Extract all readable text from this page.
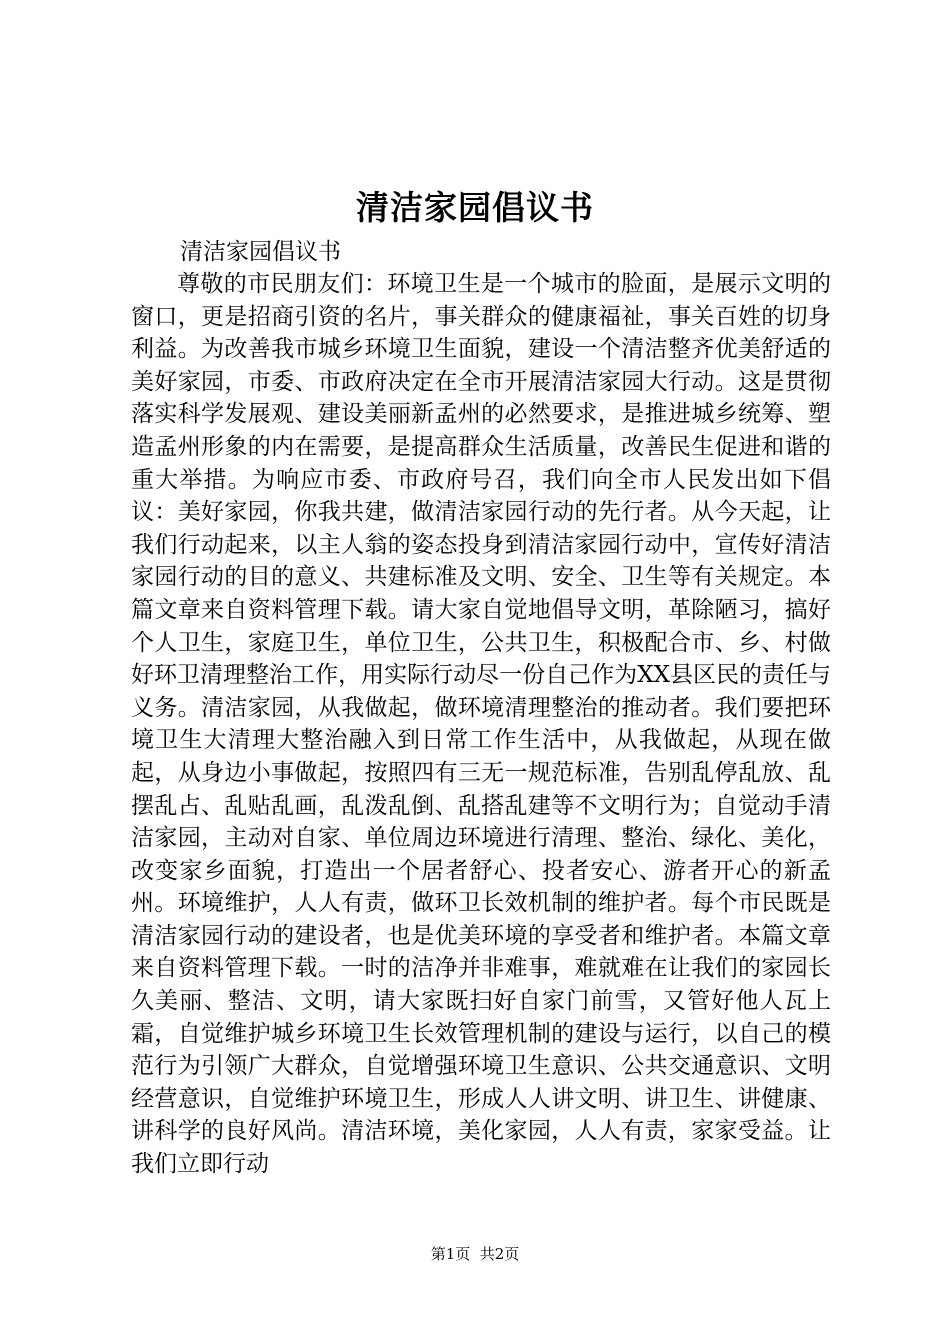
清洁家园倡议书
清洁家园倡议书

尊敬的市民朋友们：环境卫生是一个城市的脸面，是展示文明的窗口，更是招商引资的名片，事关群众的健康福祉，事关百姓的切身利益。为改善我市城乡环境卫生面貌，建设一个清洁整齐优美舒适的美好家园，市委、市政府决定在全市开展清洁家园大行动。这是贯彻落实科学发展观、建设美丽新孟州的必然要求，是推进城乡统筹、塑造孟州形象的内在需要，是提高群众生活质量，改善民生促进和谐的重大举措。为响应市委、市政府号召，我们向全市人民发出如下倡议：美好家园，你我共建，做清洁家园行动的先行者。从今天起，让我们行动起来，以主人翁的姿态投身到清洁家园行动中，宣传好清洁家园行动的目的意义、共建标准及文明、安全、卫生等有关规定。本篇文章来自资料管理下载。请大家自觉地倡导文明，革除陋习，搞好个人卫生，家庭卫生，单位卫生，公共卫生，积极配合市、乡、村做好环卫清理整治工作，用实际行动尽一份自己作为XX县区民的责任与义务。清洁家园，从我做起，做环境清理整治的推动者。我们要把环境卫生大清理大整治融入到日常工作生活中，从我做起，从现在做起，从身边小事做起，按照四有三无一规范标准，告别乱停乱放、乱摆乱占、乱贴乱画，乱泼乱倒、乱搭乱建等不文明行为；自觉动手清洁家园，主动对自家、单位周边环境进行清理、整治、绿化、美化，改变家乡面貌，打造出一个居者舒心、投者安心、游者开心的新孟州。环境维护，人人有责，做环卫长效机制的维护者。每个市民既是清洁家园行动的建设者，也是优美环境的享受者和维护者。本篇文章来自资料管理下载。一时的洁净并非难事，难就难在让我们的家园长久美丽、整洁、文明，请大家既扫好自家门前雪，又管好他人瓦上霜，自觉维护城乡环境卫生长效管理机制的建设与运行，以自己的模范行为引领广大群众，自觉增强环境卫生意识、公共交通意识、文明经营意识，自觉维护环境卫生，形成人人讲文明、讲卫生、讲健康、讲科学的良好风尚。清洁环境，美化家园，人人有责，家家受益。让我们立即行动

第1页  共2页
